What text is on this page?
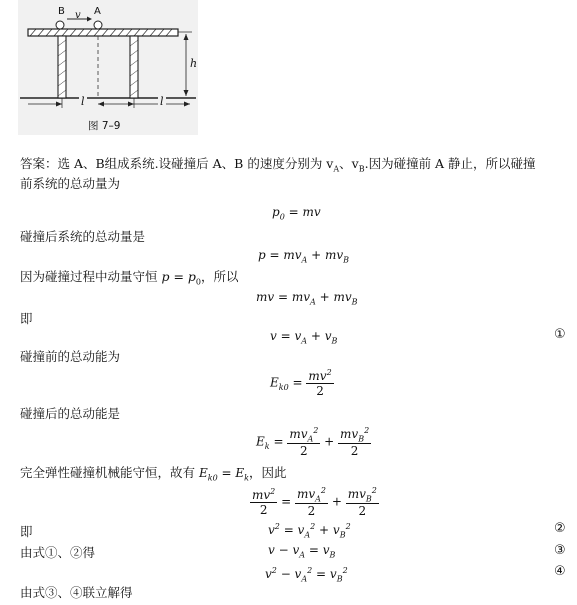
B v A
h
l	l
图 7–9
答案：选 A、B组成系统.设碰撞后 A、B 的速度分别为 $v_A$、$v_B$.因为碰撞前 A 静止，所以碰撞
前系统的总动量为

$p_0$ = mv
碰撞后系统的总动量是
$p = mv_A + mv_B$
因为碰撞过程中动量守恒 $p = p_0$，所以
mv = $mv_A + mv_B$
即
$v = v_A + v_B$	①
碰撞前的总动能为
$E_{k0} = \frac{mv^2}{2}$
碰撞后的总动能是
$E_k = \frac{mv_A^2}{2} + \frac{mv_B^2}{2}$
完全弹性碰撞机械能守恒，故有 $E_{k0} = E_k$，因此
$\frac{mv^2}{2} = \frac{mv_A^2}{2} + \frac{mv_B^2}{2}$
即	$v^2 = v_A^2 + v_B^2$	②
由式①、②得	$v - v_A = v_B$	③
$v^2 - v_A^2 = v_B^2$	④
由式③、④联立解得
